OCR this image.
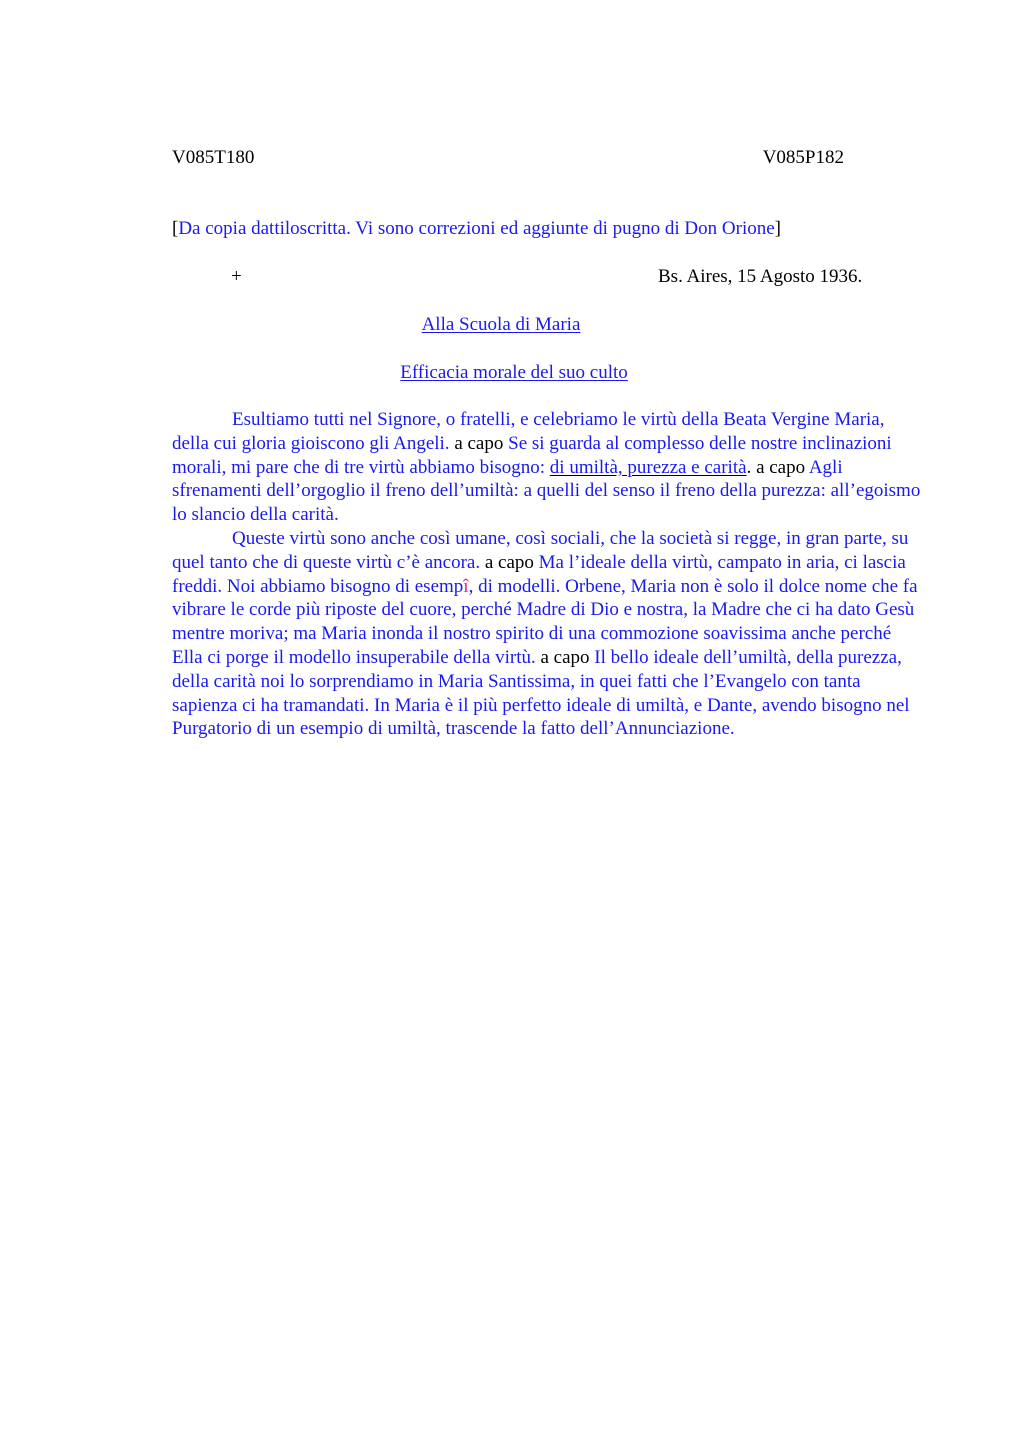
V085T180	V085P182
[Da copia dattiloscritta. Vi sono correzioni ed aggiunte di pugno di Don Orione]
+	Bs. Aires, 15 Agosto 1936.
Alla Scuola di Maria
Efficacia morale del suo culto

Esultiamo tutti nel Signore, o fratelli, e celebriamo le virtù della Beata Vergine Maria, della cui gloria gioiscono gli Angeli. a capo Se si guarda al complesso delle nostre inclinazioni morali, mi pare che di tre virtù abbiamo bisogno: di umiltà, purezza e carità. a capo Agli sfrenamenti dell’orgoglio il freno dell’umiltà: a quelli del senso il freno della purezza: all’egoismo lo slancio della carità.

Queste virtù sono anche così umane, così sociali, che la società si regge, in gran parte, su quel tanto che di queste virtù c’è ancora. a capo Ma l’ideale della virtù, campato in aria, ci lascia freddi. Noi abbiamo bisogno di esempî, di modelli. Orbene, Maria non è solo il dolce nome che fa vibrare le corde più riposte del cuore, perché Madre di Dio e nostra, la Madre che ci ha dato Gesù mentre moriva; ma Maria inonda il nostro spirito di una commozione soavissima anche perché Ella ci porge il modello insuperabile della virtù. a capo Il bello ideale dell’umiltà, della purezza, della carità noi lo sorprendiamo in Maria Santissima, in quei fatti che l’Evangelo con tanta sapienza ci ha tramandati. In Maria è il più perfetto ideale di umiltà, e Dante, avendo bisogno nel Purgatorio di un esempio di umiltà, trascende la fatto dell’Annunciazione.
